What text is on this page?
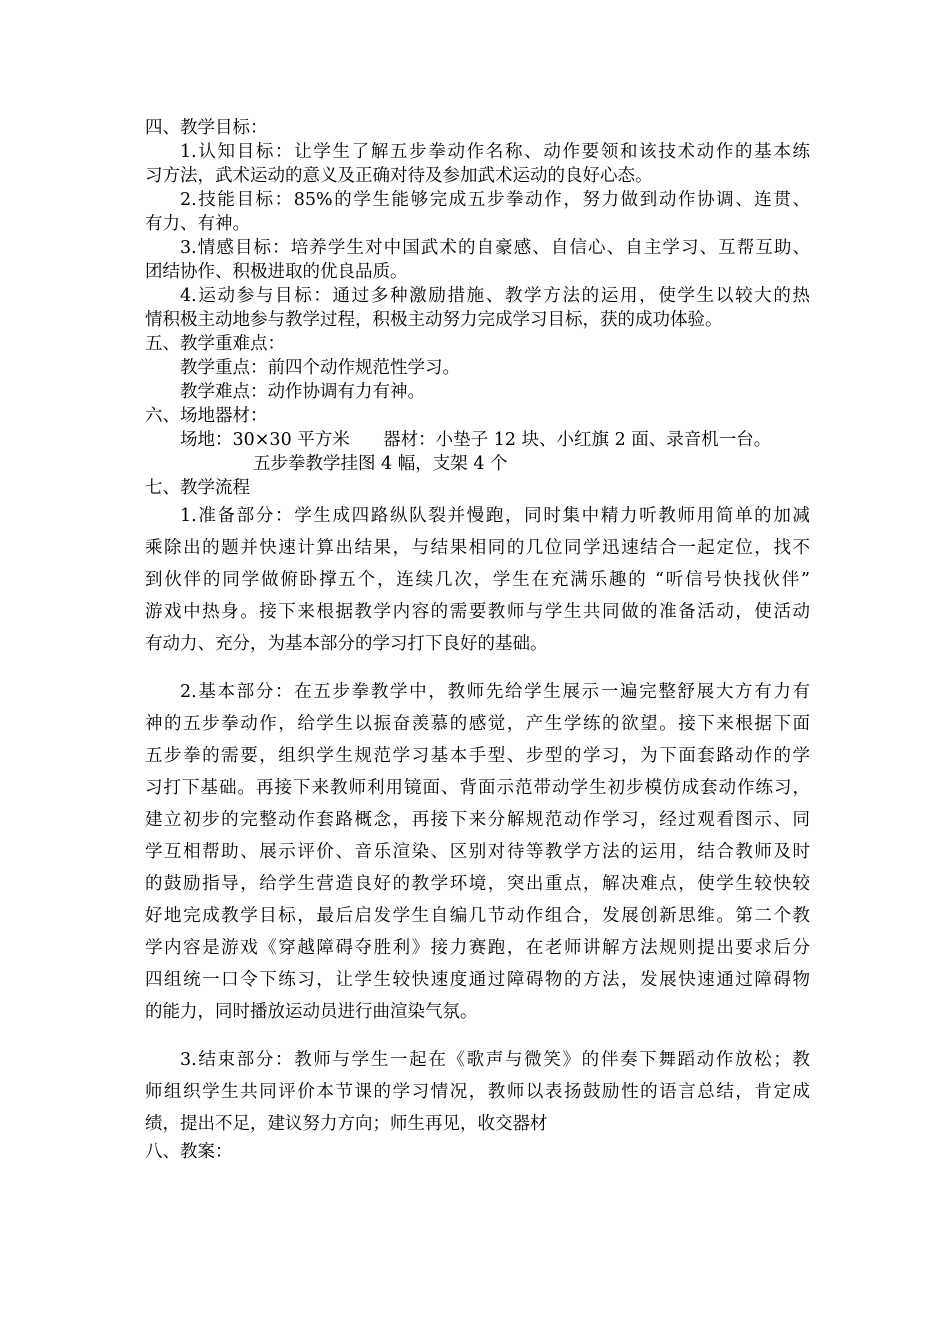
四、教学目标：
1.认知目标：让学生了解五步拳动作名称、动作要领和该技术动作的基本练
习方法，武术运动的意义及正确对待及参加武术运动的良好心态。
2.技能目标：85%的学生能够完成五步拳动作，努力做到动作协调、连贯、
有力、有神。
3.情感目标：培养学生对中国武术的自豪感、自信心、自主学习、互帮互助、
团结协作、积极进取的优良品质。
4.运动参与目标：通过多种激励措施、教学方法的运用，使学生以较大的热
情积极主动地参与教学过程，积极主动努力完成学习目标，获的成功体验。
五、教学重难点：
教学重点：前四个动作规范性学习。
教学难点：动作协调有力有神。
六、场地器材：
场地：30×30 平方米      器材：小垫子 12 块、小红旗 2 面、录音机一台。
五步拳教学挂图 4 幅，支架 4 个
七、教学流程
1.准备部分：学生成四路纵队裂并慢跑，同时集中精力听教师用简单的加减
乘除出的题并快速计算出结果，与结果相同的几位同学迅速结合一起定位，找不
到伙伴的同学做俯卧撑五个，连续几次，学生在充满乐趣的 “听信号快找伙伴”
游戏中热身。接下来根据教学内容的需要教师与学生共同做的准备活动，使活动
有动力、充分，为基本部分的学习打下良好的基础。
2.基本部分：在五步拳教学中，教师先给学生展示一遍完整舒展大方有力有
神的五步拳动作，给学生以振奋羡慕的感觉，产生学练的欲望。接下来根据下面
五步拳的需要，组织学生规范学习基本手型、步型的学习，为下面套路动作的学
习打下基础。再接下来教师利用镜面、背面示范带动学生初步模仿成套动作练习，
建立初步的完整动作套路概念，再接下来分解规范动作学习，经过观看图示、同
学互相帮助、展示评价、音乐渲染、区别对待等教学方法的运用，结合教师及时
的鼓励指导，给学生营造良好的教学环境，突出重点，解决难点，使学生较快较
好地完成教学目标，最后启发学生自编几节动作组合，发展创新思维。第二个教
学内容是游戏《穿越障碍夺胜利》接力赛跑，在老师讲解方法规则提出要求后分
四组统一口令下练习，让学生较快速度通过障碍物的方法，发展快速通过障碍物
的能力，同时播放运动员进行曲渲染气氛。
3.结束部分：教师与学生一起在《歌声与微笑》的伴奏下舞蹈动作放松；教
师组织学生共同评价本节课的学习情况，教师以表扬鼓励性的语言总结，肯定成
绩，提出不足，建议努力方向；师生再见，收交器材
八、教案：
